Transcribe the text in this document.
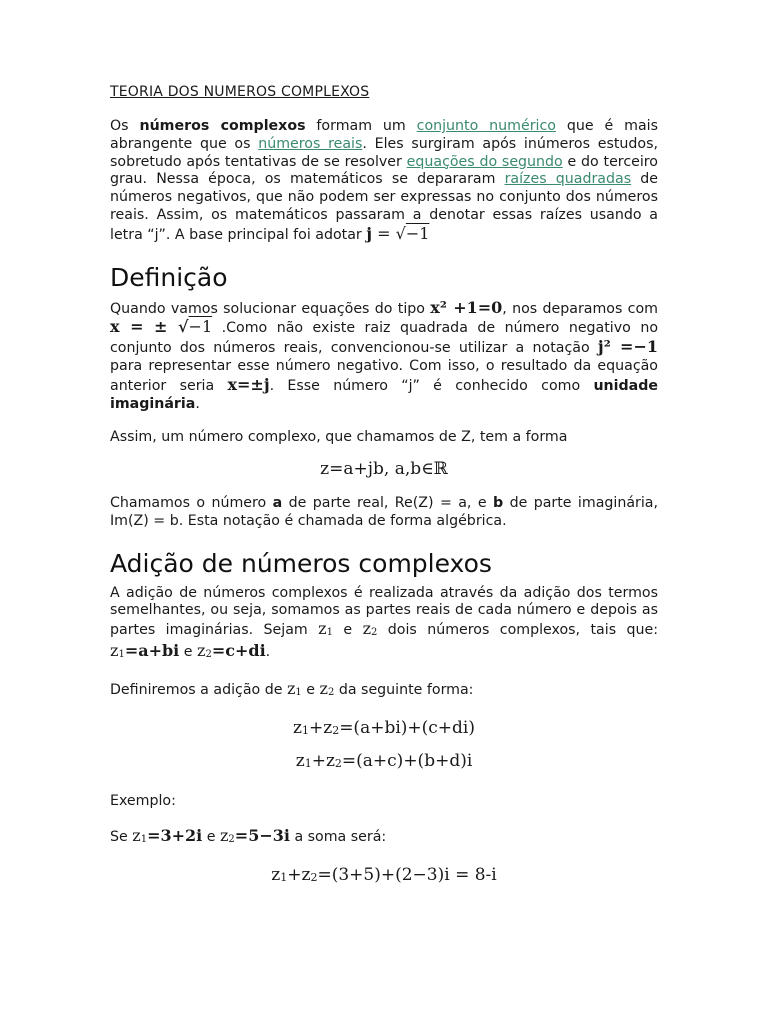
TEORIA DOS NUMEROS COMPLEXOS

Os números complexos formam um conjunto numérico que é mais abrangente que os números reais. Eles surgiram após inúmeros estudos, sobretudo após tentativas de se resolver equações do segundo e do terceiro grau. Nessa época, os matemáticos se depararam raízes quadradas de números negativos, que não podem ser expressas no conjunto dos números reais. Assim, os matemáticos passaram a denotar essas raízes usando a letra “j”. A base principal foi adotar j = √−1

Definição

Quando vamos solucionar equações do tipo x² +1=0, nos deparamos com x = ± √−1 .Como não existe raiz quadrada de número negativo no conjunto dos números reais, convencionou-se utilizar a notação j² =−1 para representar esse número negativo. Com isso, o resultado da equação anterior seria x=±j. Esse número “j” é conhecido como unidade imaginária.

Assim, um número complexo, que chamamos de Z, tem a forma

z=a+jb, a,b∈ℝ

Chamamos o número a de parte real, Re(Z) = a, e b de parte imaginária, Im(Z) = b. Esta notação é chamada de forma algébrica.

Adição de números complexos

A adição de números complexos é realizada através da adição dos termos semelhantes, ou seja, somamos as partes reais de cada número e depois as partes imaginárias. Sejam $z_1$ e $z_2$ dois números complexos, tais que: $z_1=a+bi$ e $z_2=c+di$.

Definiremos a adição de $z_1$ e $z_2$ da seguinte forma:

$z_1+z_2=(a+bi)+(c+di)$

$z_1+z_2=(a+c)+(b+d)i$

Exemplo:

Se $z_1=3+2i$ e $z_2=5-3i$ a soma será:

$z_1+z_2=(3+5)+(2-3)i = 8-i$
